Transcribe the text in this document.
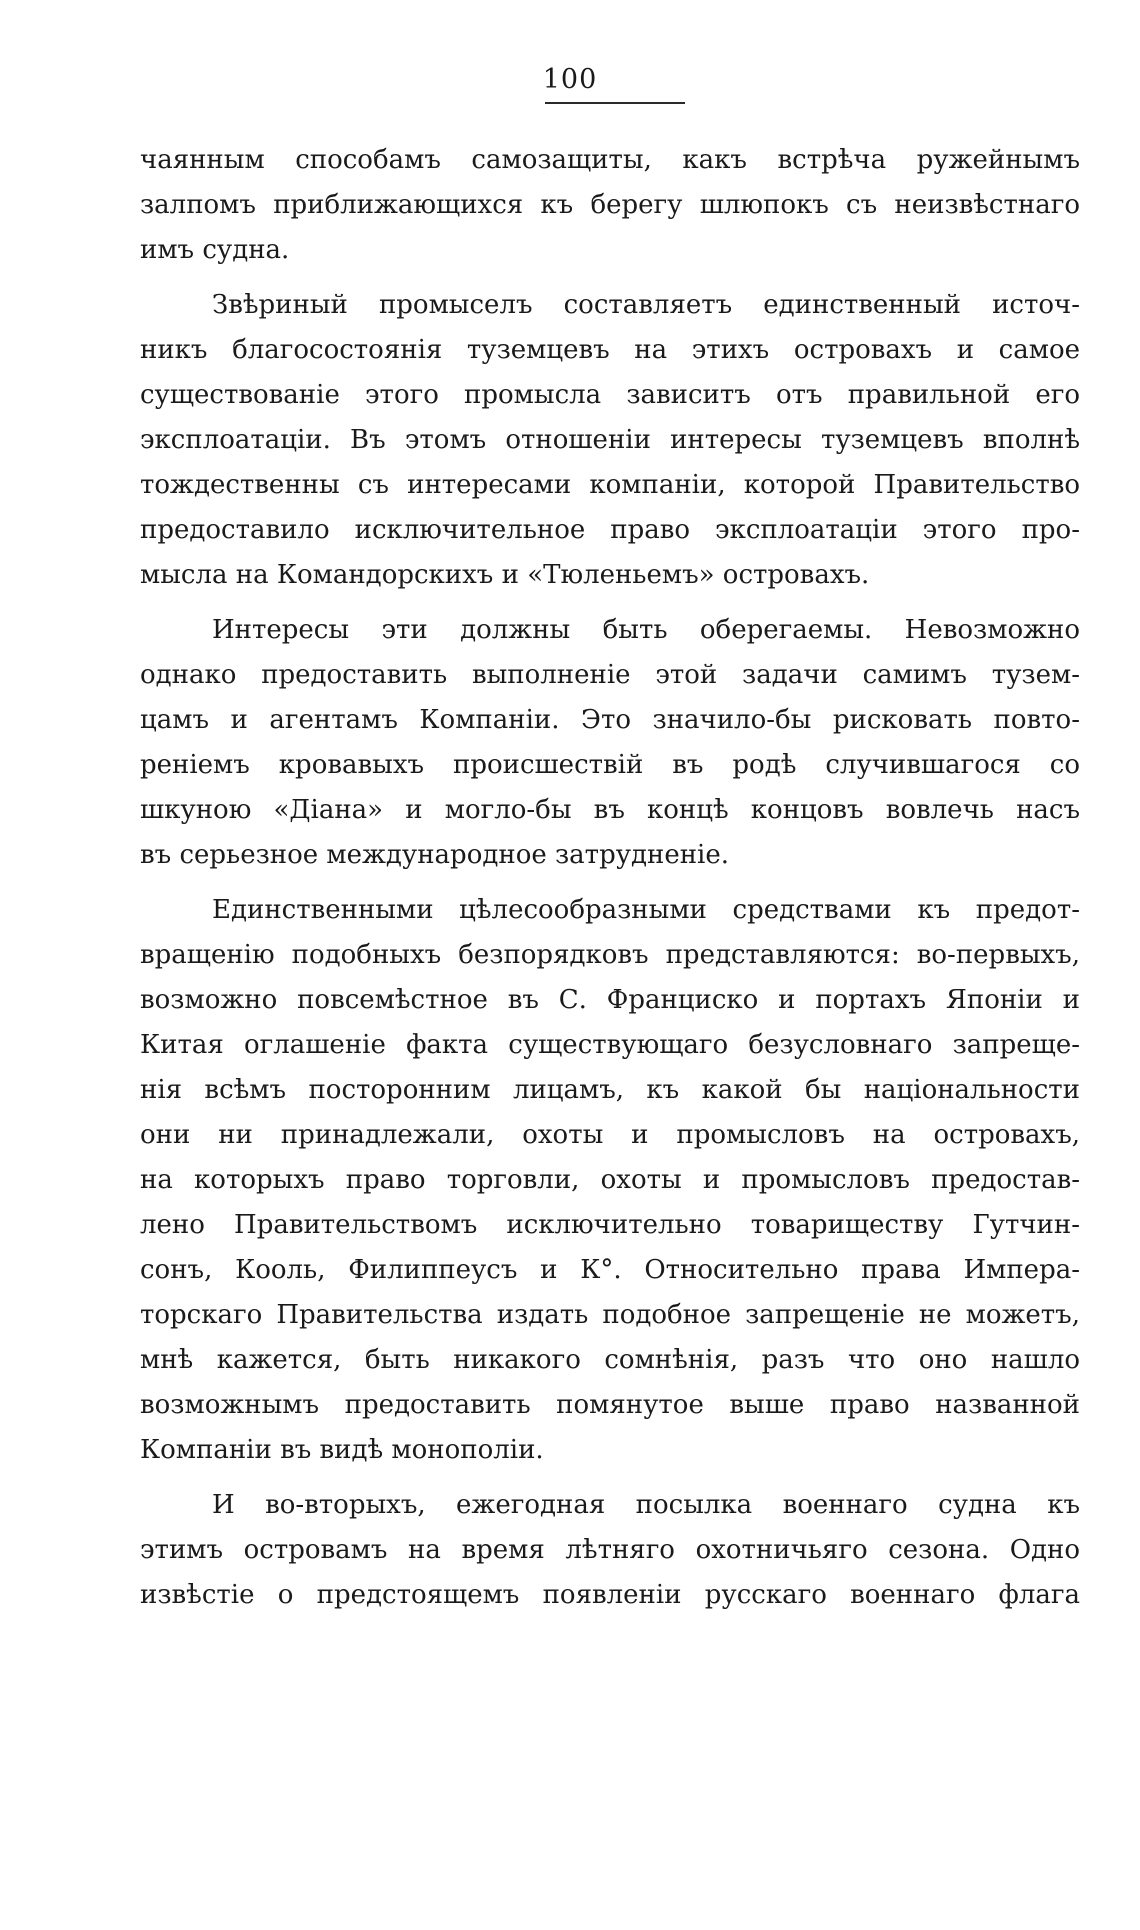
100

чаянным способамъ самозащиты, какъ встрѣча ружейнымъ
залпомъ приближающихся къ берегу шлюпокъ съ неизвѣстнаго
имъ судна.

Звѣриный промыселъ составляетъ единственный источ-
никъ благосостоянія туземцевъ на этихъ островахъ и самое
существованіе этого промысла зависитъ отъ правильной его
эксплоатаціи. Въ этомъ отношеніи интересы туземцевъ вполнѣ
тождественны съ интересами компаніи, которой Правительство
предоставило исключительное право эксплоатаціи этого про-
мысла на Командорскихъ и «Тюленьемъ» островахъ.

Интересы эти должны быть оберегаемы. Невозможно
однако предоставить выполненіе этой задачи самимъ тузем-
цамъ и агентамъ Компаніи. Это значило-бы рисковать повто-
реніемъ кровавыхъ происшествій въ родѣ случившагося со
шкуною «Діана» и могло-бы въ концѣ концовъ вовлечь насъ
въ серьезное международное затрудненіе.

Единственными цѣлесообразными средствами къ предот-
вращенію подобныхъ безпорядковъ представляются: во-первыхъ,
возможно повсемѣстное въ С. Франциско и портахъ Японіи и
Китая оглашеніе факта существующаго безусловнаго запреще-
нія всѣмъ посторонним лицамъ, къ какой бы національности
они ни принадлежали, охоты и промысловъ на островахъ,
на которыхъ право торговли, охоты и промысловъ предостав-
лено Правительствомъ исключительно товариществу Гутчин-
сонъ, Кооль, Филиппеусъ и К°. Относительно права Импера-
торскаго Правительства издать подобное запрещеніе не можетъ,
мнѣ кажется, быть никакого сомнѣнія, разъ что оно нашло
возможнымъ предоставить помянутое выше право названной
Компаніи въ видѣ монополіи.

И во-вторыхъ, ежегодная посылка военнаго судна къ
этимъ островамъ на время лѣтняго охотничьяго сезона. Одно
извѣстіе о предстоящемъ появленіи русскаго военнаго флага
